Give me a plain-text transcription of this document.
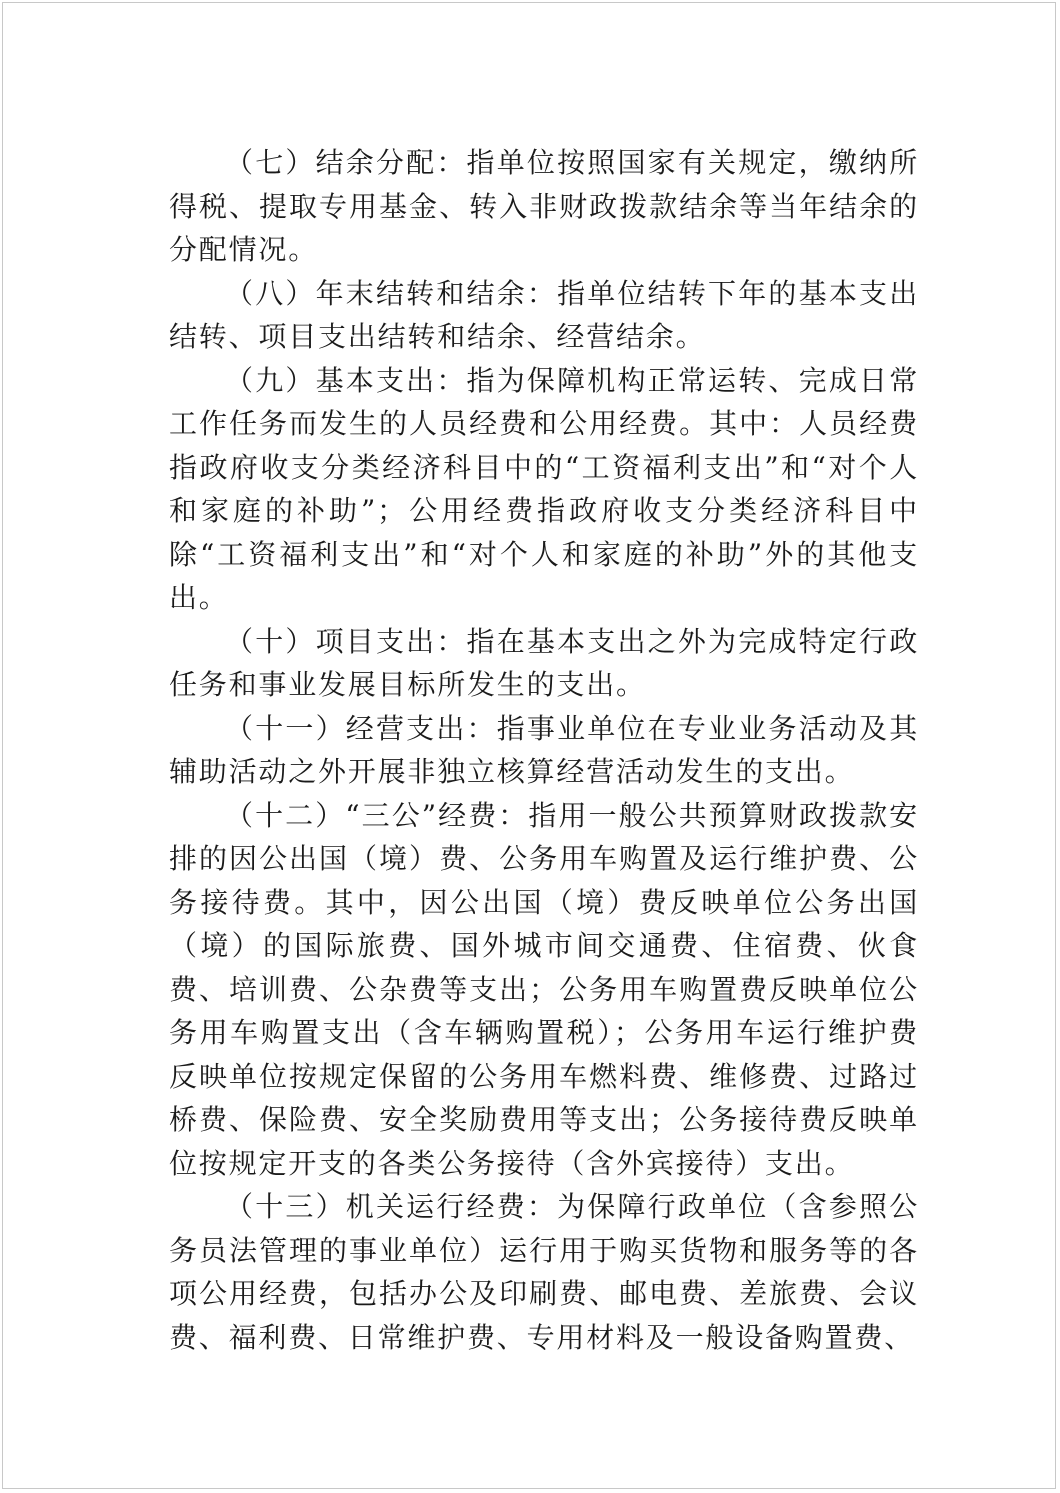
（七）结余分配：指单位按照国家有关规定，缴纳所得税、提取专用基金、转入非财政拨款结余等当年结余的分配情况。

（八）年末结转和结余：指单位结转下年的基本支出结转、项目支出结转和结余、经营结余。

（九）基本支出：指为保障机构正常运转、完成日常工作任务而发生的人员经费和公用经费。其中：人员经费指政府收支分类经济科目中的“工资福利支出”和“对个人和家庭的补助”；公用经费指政府收支分类经济科目中除“工资福利支出”和“对个人和家庭的补助”外的其他支出。

（十）项目支出：指在基本支出之外为完成特定行政任务和事业发展目标所发生的支出。

（十一）经营支出：指事业单位在专业业务活动及其辅助活动之外开展非独立核算经营活动发生的支出。

（十二）“三公”经费：指用一般公共预算财政拨款安排的因公出国（境）费、公务用车购置及运行维护费、公务接待费。其中，因公出国（境）费反映单位公务出国（境）的国际旅费、国外城市间交通费、住宿费、伙食费、培训费、公杂费等支出；公务用车购置费反映单位公务用车购置支出（含车辆购置税）；公务用车运行维护费反映单位按规定保留的公务用车燃料费、维修费、过路过桥费、保险费、安全奖励费用等支出；公务接待费反映单位按规定开支的各类公务接待（含外宾接待）支出。

（十三）机关运行经费：为保障行政单位（含参照公务员法管理的事业单位）运行用于购买货物和服务等的各项公用经费，包括办公及印刷费、邮电费、差旅费、会议费、福利费、日常维护费、专用材料及一般设备购置费、
